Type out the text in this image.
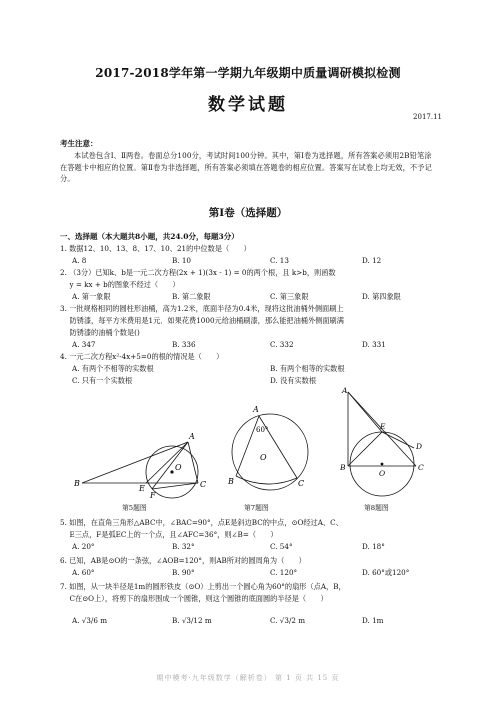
2017-2018学年第一学期九年级期中质量调研模拟检测
数学试题
2017.11
考生注意：
本试卷包含Ⅰ、Ⅱ两卷。卷面总分100分，考试时间100分钟。其中，第Ⅰ卷为选择题，所有答案必须用2B铅笔涂在答题卡中相应的位置。第Ⅱ卷为非选择题，所有答案必须填在答题卷的相应位置。答案写在试卷上均无效，不予记分。
第Ⅰ卷（选择题）
一、选择题（本大题共8小题，共24.0分，每题3分）
1. 数据12、10、13、8、17、10、21的中位数是（　　）
A. 8	B. 10	C. 13	D. 12
2. （3分）已知k、b是一元二次方程(2x + 1)(3x - 1) = 0的两个根，且 k>b，则函数
　 y = kx + b的图象不经过（　　）
A. 第一象限	B. 第二象限	C. 第三象限	D. 第四象限
3. 一批规格相同的圆柱形油桶，高为1.2米，底面半径为0.4米，现将这批油桶外侧面刷上
　 防锈漆，每平方米费用是1元．如果花费1000元给油桶刷漆，那么能把油桶外侧面刷满
　 防锈漆的油桶个数是()
A. 347	B. 336	C. 332	D. 331
4. 一元二次方程x²-4x+5=0的根的情况是（　　）
A. 有两个不相等的实数根	B. 有两个相等的实数根
C. 只有一个实数根	D. 没有实数根
A
B
E
F
C
O
第5题图
A
60°
O
B	C
第7题图
A
E
D
B
O
C
第8题图
5. 如图，在直角三角形△ABC中，∠BAC=90°，点E是斜边BC的中点，⊙O经过A、C、
　 E三点，F是弧EC上的一个点，且∠AFC=36°，则∠B=（　　）
A. 20°	B. 32°	C. 54°	D. 18°
6. 已知，AB是⊙O的一条弦，∠AOB=120°，则AB所对的圆周角为（　　）
A. 60°	B. 90°	C. 120°	D. 60°或120°
7. 如图，从一块半径是1m的圆形铁皮（⊙O）上剪出一个圆心角为60°的扇形（点A，B，
　 C在⊙O上），将剪下的扇形围成一个圆锥，则这个圆锥的底面圆的半径是（　　）
A. √3/6 m	B. √3/12 m	C. √3/2 m	D. 1m
期中模考·九年级数学（解析卷） 第 1 页 共 15 页
